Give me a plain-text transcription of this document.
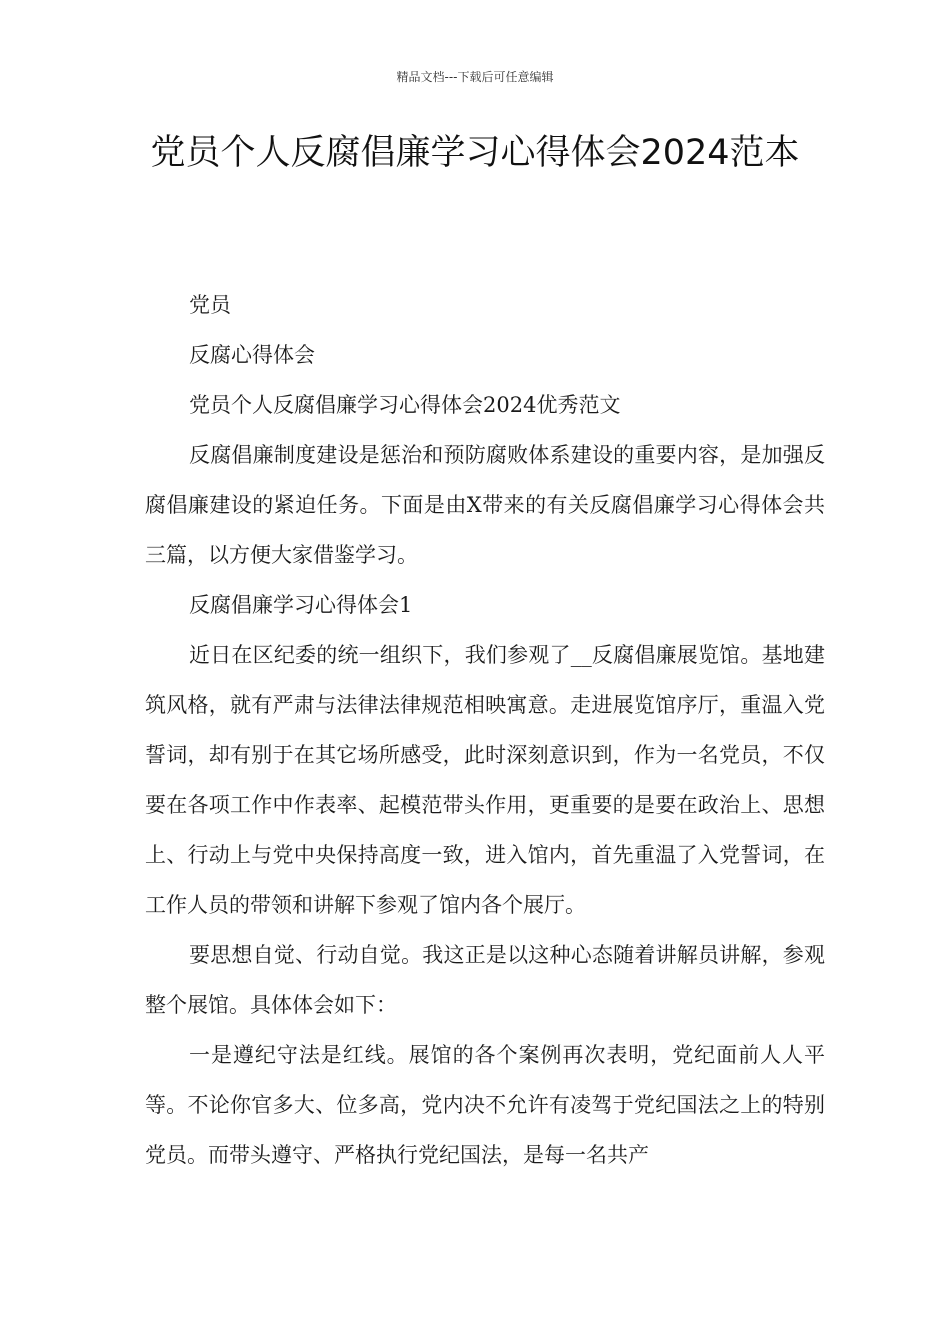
精品文档---下载后可任意编辑
党员个人反腐倡廉学习心得体会2024范本

党员

反腐心得体会

党员个人反腐倡廉学习心得体会2024优秀范文

反腐倡廉制度建设是惩治和预防腐败体系建设的重要内容，是加强反腐倡廉建设的紧迫任务。下面是由X带来的有关反腐倡廉学习心得体会共三篇，以方便大家借鉴学习。

反腐倡廉学习心得体会1

近日在区纪委的统一组织下，我们参观了__反腐倡廉展览馆。基地建筑风格，就有严肃与法律法律规范相映寓意。走进展览馆序厅，重温入党誓词，却有别于在其它场所感受，此时深刻意识到，作为一名党员，不仅要在各项工作中作表率、起模范带头作用，更重要的是要在政治上、思想上、行动上与党中央保持高度一致，进入馆内，首先重温了入党誓词，在工作人员的带领和讲解下参观了馆内各个展厅。

要思想自觉、行动自觉。我这正是以这种心态随着讲解员讲解，参观整个展馆。具体体会如下：

一是遵纪守法是红线。展馆的各个案例再次表明，党纪面前人人平等。不论你官多大、位多高，党内决不允许有凌驾于党纪国法之上的特别党员。而带头遵守、严格执行党纪国法，是每一名共产
